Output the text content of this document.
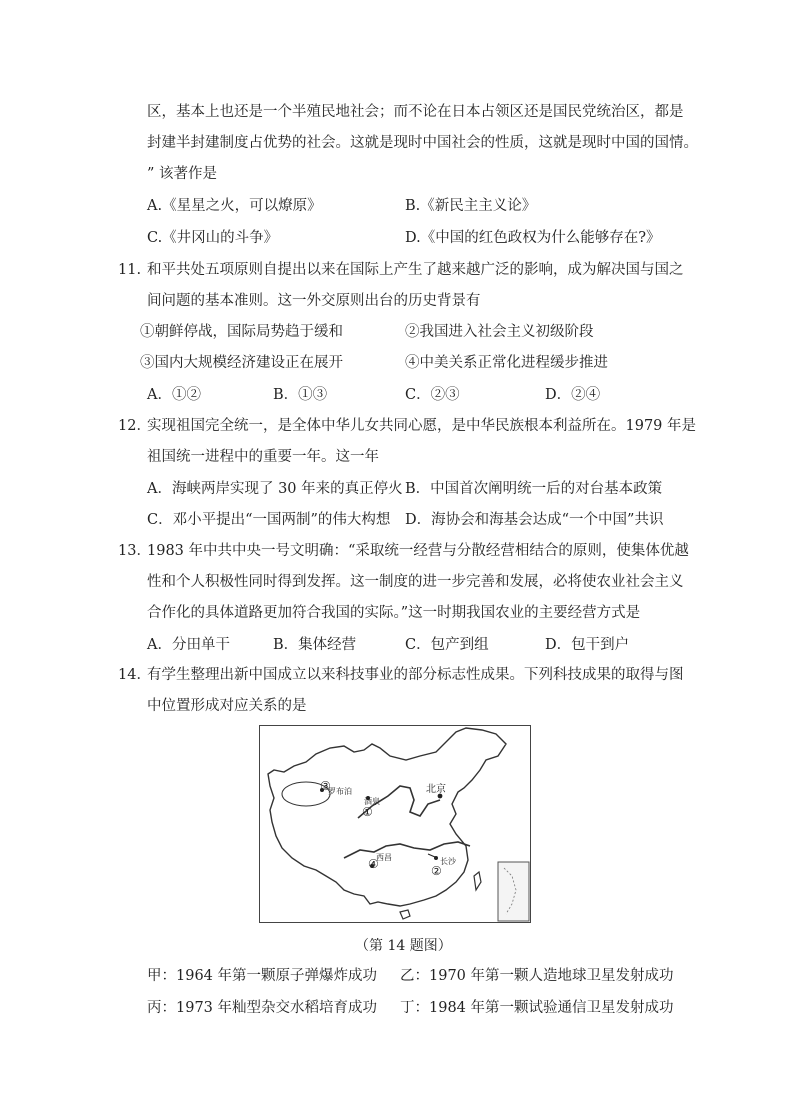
区，基本上也还是一个半殖民地社会；而不论在日本占领区还是国民党统治区，都是
封建半封建制度占优势的社会。这就是现时中国社会的性质，这就是现时中国的国情。
” 该著作是
A.《星星之火，可以燎原》	B.《新民主主义论》
C.《井冈山的斗争》	D.《中国的红色政权为什么能够存在?》
11. 和平共处五项原则自提出以来在国际上产生了越来越广泛的影响，成为解决国与国之
间问题的基本准则。这一外交原则出台的历史背景有
①朝鲜停战，国际局势趋于缓和	②我国进入社会主义初级阶段
③国内大规模经济建设正在展开	④中美关系正常化进程缓步推进
A．①②	B．①③	C．②③	D．②④
12．
实现祖国完全统一，是全体中华儿女共同心愿，是中华民族根本利益所在。1979 年是
祖国统一进程中的重要一年。这一年
A．海峡两岸实现了 30 年来的真正停火 B．中国首次阐明统一后的对台基本政策
C．邓小平提出“一国两制”的伟大构想 D．海协会和海基会达成“一个中国”共识
13．
1983 年中共中央一号文明确：“采取统一经营与分散经营相结合的原则，使集体优越
性和个人积极性同时得到发挥。这一制度的进一步完善和发展，必将使农业社会主义
合作化的具体道路更加符合我国的实际。”这一时期我国农业的主要经营方式是
A．分田单干	B．集体经营	C．包产到组	D．包干到户
14．
有学生整理出新中国成立以来科技事业的部分标志性成果。下列科技成果的取得与图
中位置形成对应关系的是
罗布泊
酒泉
北京
西昌	长沙
③
①
④	②
（第 14 题图）
甲：1964 年第一颗原子弹爆炸成功 乙：1970 年第一颗人造地球卫星发射成功
丙：1973 年籼型杂交水稻培育成功 丁：1984 年第一颗试验通信卫星发射成功
